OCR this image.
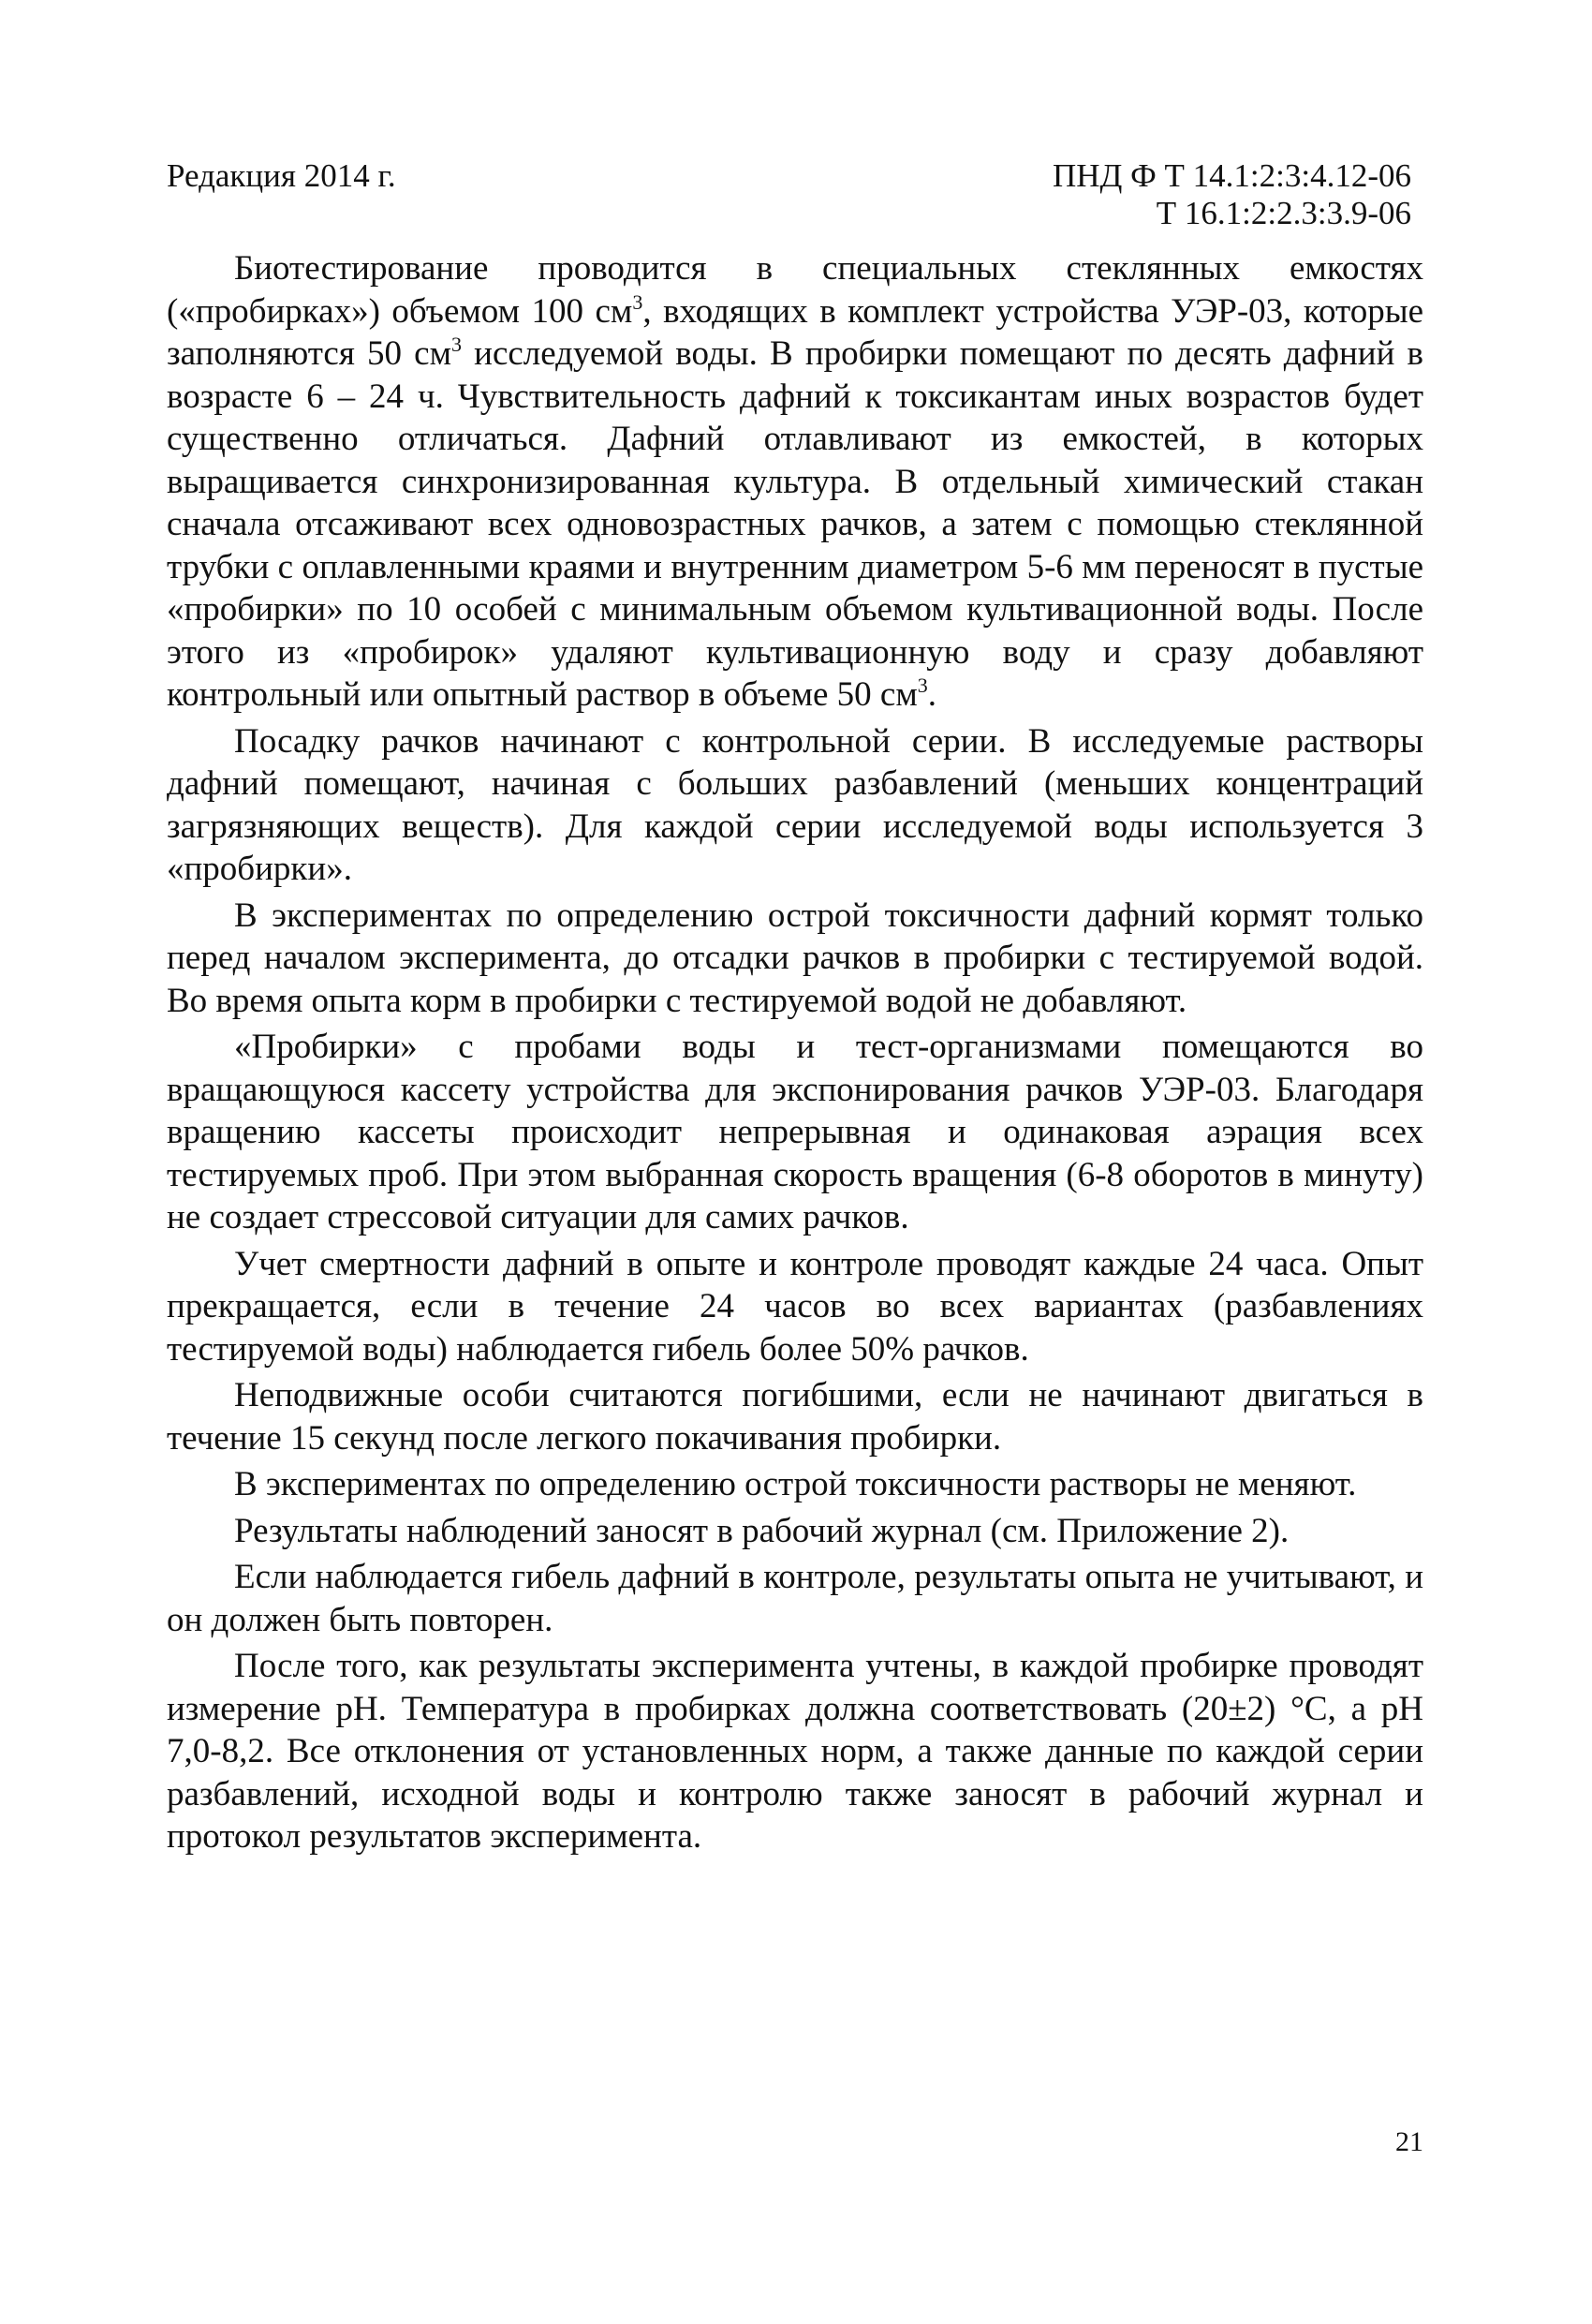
Редакция 2014 г.	ПНД Ф Т 14.1:2:3:4.12-06
Т 16.1:2:2.3:3.9-06

Биотестирование проводится в специальных стеклянных емкостях («пробирках») объемом 100 $см^3$, входящих в комплект устройства УЭР-03, которые заполняются 50 $см^3$ исследуемой воды. В пробирки помещают по десять дафний в возрасте 6 – 24 ч. Чувствительность дафний к токсикантам иных возрастов будет существенно отличаться. Дафний отлавливают из емкостей, в которых выращивается синхронизированная культура. В отдельный химический стакан сначала отсаживают всех одновозрастных рачков, а затем с помощью стеклянной трубки с оплавленными краями и внутренним диаметром 5-6 мм переносят в пустые «пробирки» по 10 особей с минимальным объемом культивационной воды. После этого из «пробирок» удаляют культивационную воду и сразу добавляют контрольный или опытный раствор в объеме 50 $см^3$.

Посадку рачков начинают с контрольной серии. В исследуемые растворы дафний помещают, начиная с больших разбавлений (меньших концентраций загрязняющих веществ). Для каждой серии исследуемой воды используется 3 «пробирки».

В экспериментах по определению острой токсичности дафний кормят только перед началом эксперимента, до отсадки рачков в пробирки с тестируемой водой. Во время опыта корм в пробирки с тестируемой водой не добавляют.

«Пробирки» с пробами воды и тест-организмами помещаются во вращающуюся кассету устройства для экспонирования рачков УЭР-03. Благодаря вращению кассеты происходит непрерывная и одинаковая аэрация всех тестируемых проб. При этом выбранная скорость вращения (6-8 оборотов в минуту) не создает стрессовой ситуации для самих рачков.

Учет смертности дафний в опыте и контроле проводят каждые 24 часа. Опыт прекращается, если в течение 24 часов во всех вариантах (разбавлениях тестируемой воды) наблюдается гибель более 50% рачков.

Неподвижные особи считаются погибшими, если не начинают двигаться в течение 15 секунд после легкого покачивания пробирки.

В экспериментах по определению острой токсичности растворы не меняют.

Результаты наблюдений заносят в рабочий журнал (см. Приложение 2).

Если наблюдается гибель дафний в контроле, результаты опыта не учитывают, и он должен быть повторен.

После того, как результаты эксперимента учтены, в каждой пробирке проводят измерение pH. Температура в пробирках должна соответствовать (20±2) °С, а pH 7,0-8,2. Все отклонения от установленных норм, а также данные по каждой серии разбавлений, исходной воды и контролю также заносят в рабочий журнал и протокол результатов эксперимента.

21
